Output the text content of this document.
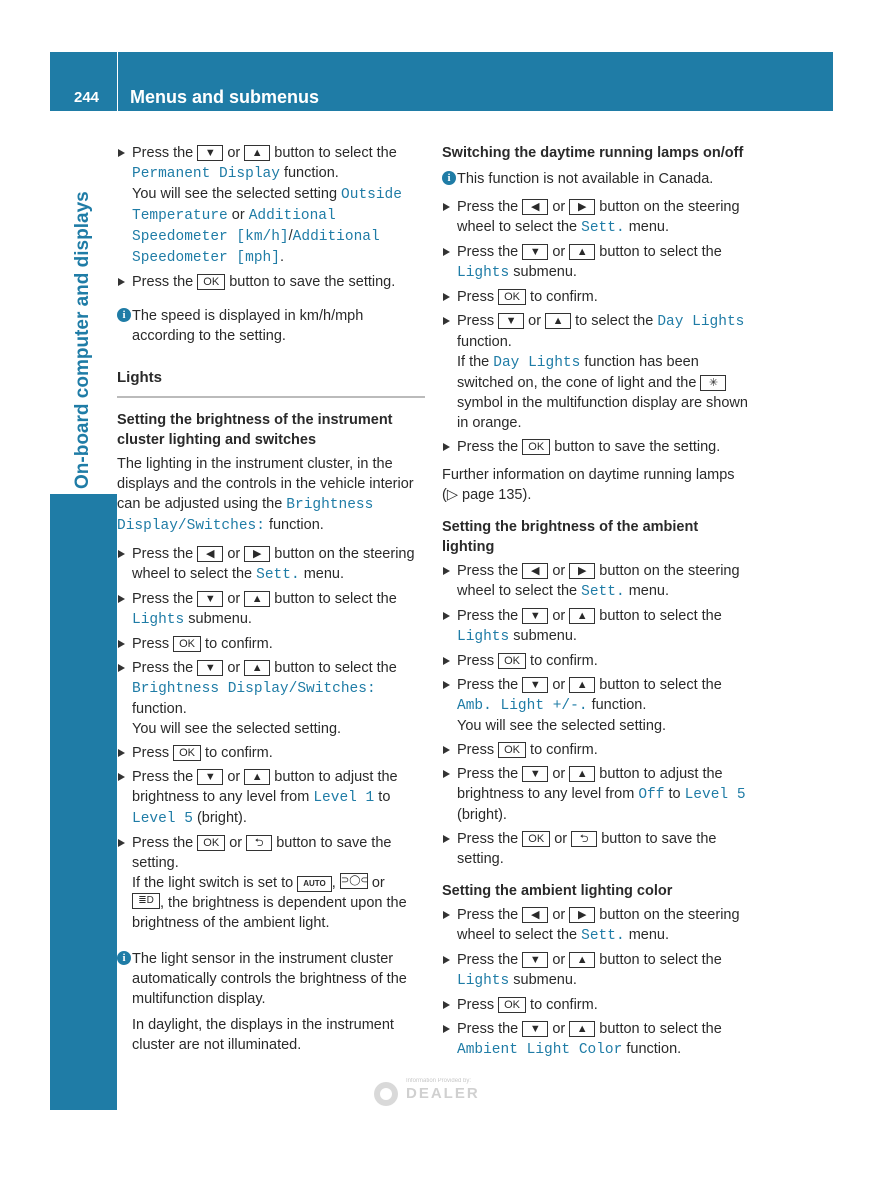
244 Menus and submenus
On-board computer and displays
Press the ▼ or ▲ button to select the Permanent Display function.
You will see the selected setting Outside Temperature or Additional Speedometer [km/h]/Additional Speedometer [mph].
Press the OK button to save the setting.
i The speed is displayed in km/h/mph according to the setting.
Lights
Setting the brightness of the instrument cluster lighting and switches

The lighting in the instrument cluster, in the displays and the controls in the vehicle interior can be adjusted using the Brightness Display/Switches: function.

Press the ◀ or ▶ button on the steering wheel to select the Sett. menu.
Press the ▼ or ▲ button to select the Lights submenu.
Press OK to confirm.
Press the ▼ or ▲ button to select the Brightness Display/Switches: function.
You will see the selected setting.
Press OK to confirm.
Press the ▼ or ▲ button to adjust the brightness to any level from Level 1 to Level 5 (bright).
Press the OK or ⮌ button to save the setting.
If the light switch is set to AUTO , ⊃◯⊂ or

≣D , the brightness is dependent upon the brightness of the ambient light.
i The light sensor in the instrument cluster automatically controls the brightness of the multifunction display.

In daylight, the displays in the instrument cluster are not illuminated.

Switching the daytime running lamps on/off
i This function is not available in Canada.
Press the ◀ or ▶ button on the steering wheel to select the Sett. menu.
Press the ▼ or ▲ button to select the Lights submenu.
Press OK to confirm.
Press ▼ or ▲ to select the Day Lights function.
If the Day Lights function has been switched on, the cone of light and the ✳ symbol in the multifunction display are shown in orange.
Press the OK button to save the setting.

Further information on daytime running lamps (▷ page 135).

Setting the brightness of the ambient lighting
Press the ◀ or ▶ button on the steering wheel to select the Sett. menu.
Press the ▼ or ▲ button to select the Lights submenu.
Press OK to confirm.
Press the ▼ or ▲ button to select the Amb. Light +/-. function.
You will see the selected setting.
Press OK to confirm.
Press the ▼ or ▲ button to adjust the brightness to any level from Off to Level 5 (bright).
Press the OK or ⮌ button to save the setting.
Setting the ambient lighting color
Press the ◀ or ▶ button on the steering wheel to select the Sett. menu.
Press the ▼ or ▲ button to select the Lights submenu.
Press OK to confirm.
Press the ▼ or ▲ button to select the Ambient Light Color function.
Information Provided by:
DEALER
